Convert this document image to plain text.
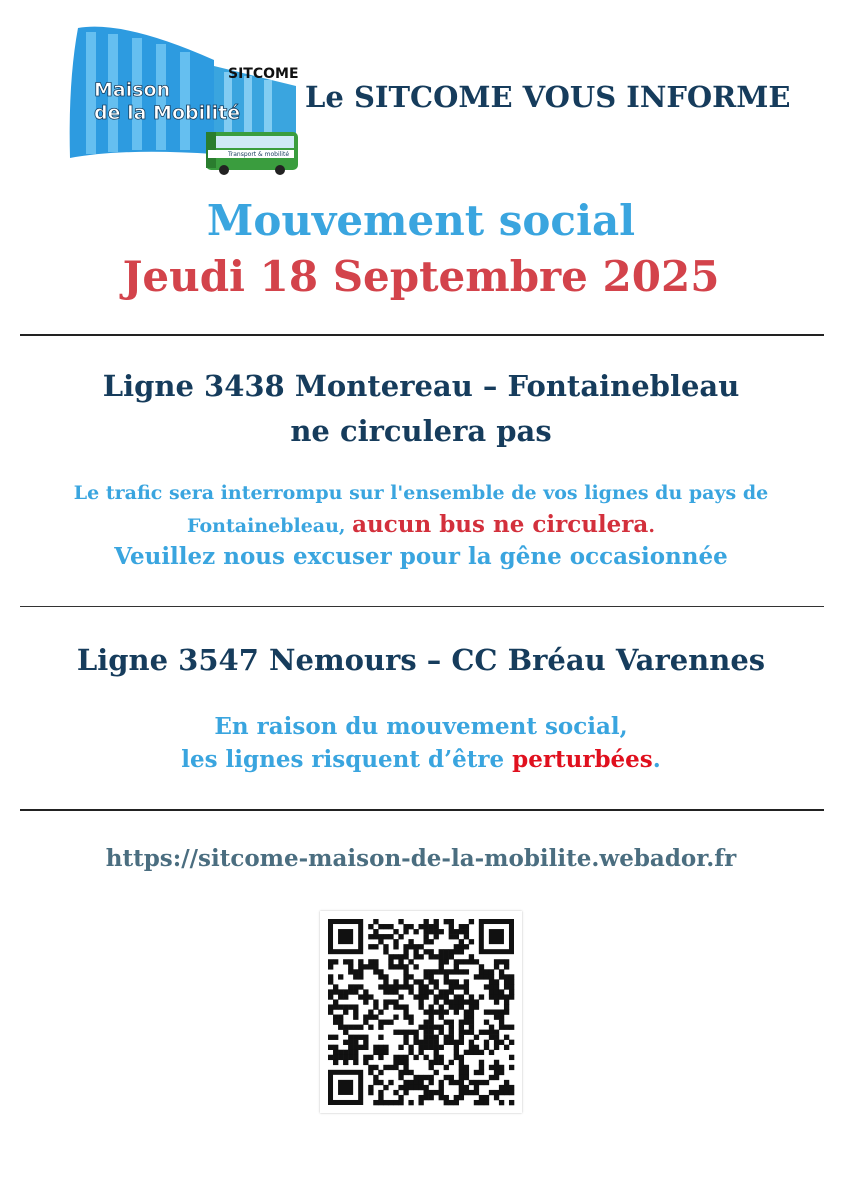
Maison
de la Mobilité
SITCOME
Transport & mobilité
Le SITCOME VOUS INFORME
Mouvement social
Jeudi 18 Septembre 2025
Ligne 3438 Montereau – Fontainebleau
ne circulera pas
Le trafic sera interrompu sur l'ensemble de vos lignes du pays de
Fontainebleau, aucun bus ne circulera.
Veuillez nous excuser pour la gêne occasionnée
Ligne 3547 Nemours – CC Bréau Varennes
En raison du mouvement social,
les lignes risquent d’être perturbées.
https://sitcome-maison-de-la-mobilite.webador.fr
